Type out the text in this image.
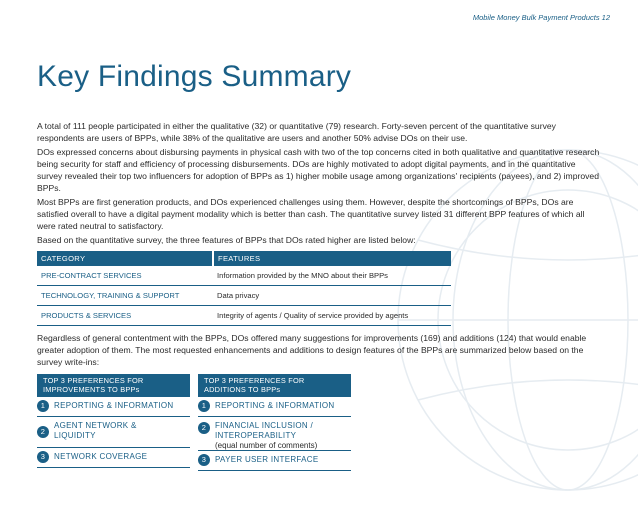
Mobile Money Bulk Payment Products 12
Key Findings Summary

A total of 111 people participated in either the qualitative (32) or quantitative (79) research. Forty-seven percent of the quantitative survey respondents are users of BPPs, while 38% of the qualitative are users and another 50% advise DOs on their use.

DOs expressed concerns about disbursing payments in physical cash with two of the top concerns cited in both qualitative and quantitative research being security for staff and efficiency of processing disbursements. DOs are highly motivated to adopt digital payments, and in the quantitative survey revealed their top two influencers for adoption of BPPs as 1) higher mobile usage among organizations' recipients (payees), and 2) improved BPPs.

Most BPPs are first generation products, and DOs experienced challenges using them. However, despite the shortcomings of BPPs, DOs are satisfied overall to have a digital payment modality which is better than cash. The quantitative survey listed 31 different BPP features of which all were rated neutral to satisfactory.

Based on the quantitative survey, the three features of BPPs that DOs rated higher are listed below:

CATEGORY	FEATURES
PRE-CONTRACT SERVICES	Information provided by the MNO about their BPPs
TECHNOLOGY, TRAINING & SUPPORT	Data privacy
PRODUCTS & SERVICES	Integrity of agents / Quality of service provided by agents

Regardless of general contentment with the BPPs, DOs offered many suggestions for improvements (169) and additions (124) that would enable greater adoption of them. The most requested enhancements and additions to design features of the BPPs are summarized below based on the survey write-ins:

TOP 3 PREFERENCES FOR IMPROVEMENTS TO BPPs
1	REPORTING & INFORMATION
2
AGENT NETWORK & LIQUIDITY
3	NETWORK COVERAGE
TOP 3 PREFERENCES FOR ADDITIONS TO BPPs
1	REPORTING & INFORMATION
2	FINANCIAL INCLUSION / INTEROPERABILITY
(equal number of comments)
3	PAYER USER INTERFACE
